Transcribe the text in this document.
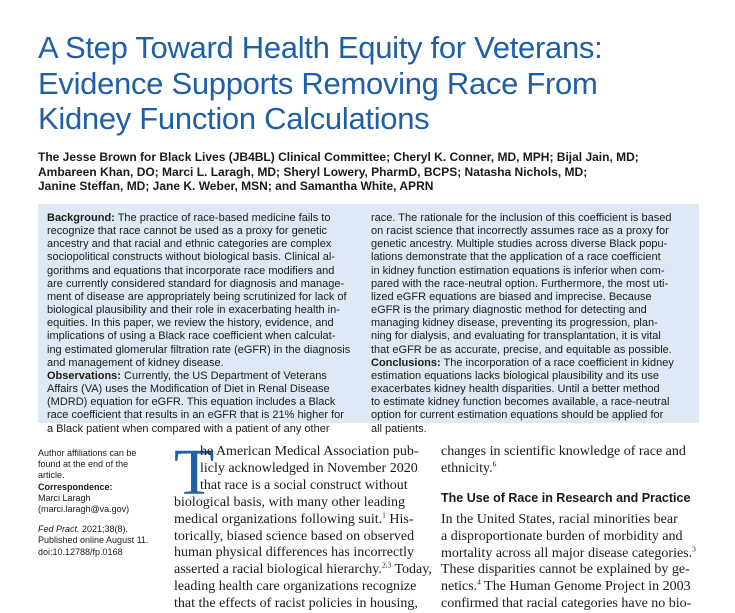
A Step Toward Health Equity for Veterans:
Evidence Supports Removing Race From
Kidney Function Calculations
The Jesse Brown for Black Lives (JB4BL) Clinical Committee; Cheryl K. Conner, MD, MPH; Bijal Jain, MD;
Ambareen Khan, DO; Marci L. Laragh, MD; Sheryl Lowery, PharmD, BCPS; Natasha Nichols, MD;
Janine Steffan, MD; Jane K. Weber, MSN; and Samantha White, APRN
Background: The practice of race-based medicine fails to
recognize that race cannot be used as a proxy for genetic
ancestry and that racial and ethnic categories are complex
sociopolitical constructs without biological basis. Clinical al-
gorithms and equations that incorporate race modifiers and
are currently considered standard for diagnosis and manage-
ment of disease are appropriately being scrutinized for lack of
biological plausibility and their role in exacerbating health in-
equities. In this paper, we review the history, evidence, and
implications of using a Black race coefficient when calculat-
ing estimated glomerular filtration rate (eGFR) in the diagnosis
and management of kidney disease.
Observations: Currently, the US Department of Veterans
Affairs (VA) uses the Modification of Diet in Renal Disease
(MDRD) equation for eGFR. This equation includes a Black
race coefficient that results in an eGFR that is 21% higher for
a Black patient when compared with a patient of any other
race. The rationale for the inclusion of this coefficient is based
on racist science that incorrectly assumes race as a proxy for
genetic ancestry. Multiple studies across diverse Black popu-
lations demonstrate that the application of a race coefficient
in kidney function estimation equations is inferior when com-
pared with the race-neutral option. Furthermore, the most uti-
lized eGFR equations are biased and imprecise. Because
eGFR is the primary diagnostic method for detecting and
managing kidney disease, preventing its progression, plan-
ning for dialysis, and evaluating for transplantation, it is vital
that eGFR be as accurate, precise, and equitable as possible.
Conclusions: The incorporation of a race coefficient in kidney
estimation equations lacks biological plausibility and its use
exacerbates kidney health disparities. Until a better method
to estimate kidney function becomes available, a race-neutral
option for current estimation equations should be applied for
all patients.
Author affiliations can be
found at the end of the
article.
Correspondence:
Marci Laragh
(marci.laragh@va.gov)
Fed Pract. 2021;38(8).
Published online August 11.
doi:10.12788/fp.0168
T
he American Medical Association pub-
licly acknowledged in November 2020
that race is a social construct without
biological basis, with many other leading
medical organizations following suit.$^1$ His-
torically, biased science based on observed
human physical differences has incorrectly
asserted a racial biological hierarchy.$^{2,3}$ Today,
leading health care organizations recognize
that the effects of racist policies in housing,
changes in scientific knowledge of race and
ethnicity.$^6$
The Use of Race in Research and Practice
In the United States, racial minorities bear
a disproportionate burden of morbidity and
mortality across all major disease categories.$^3$
These disparities cannot be explained by ge-
netics.$^4$ The Human Genome Project in 2003
confirmed that racial categories have no bio-
